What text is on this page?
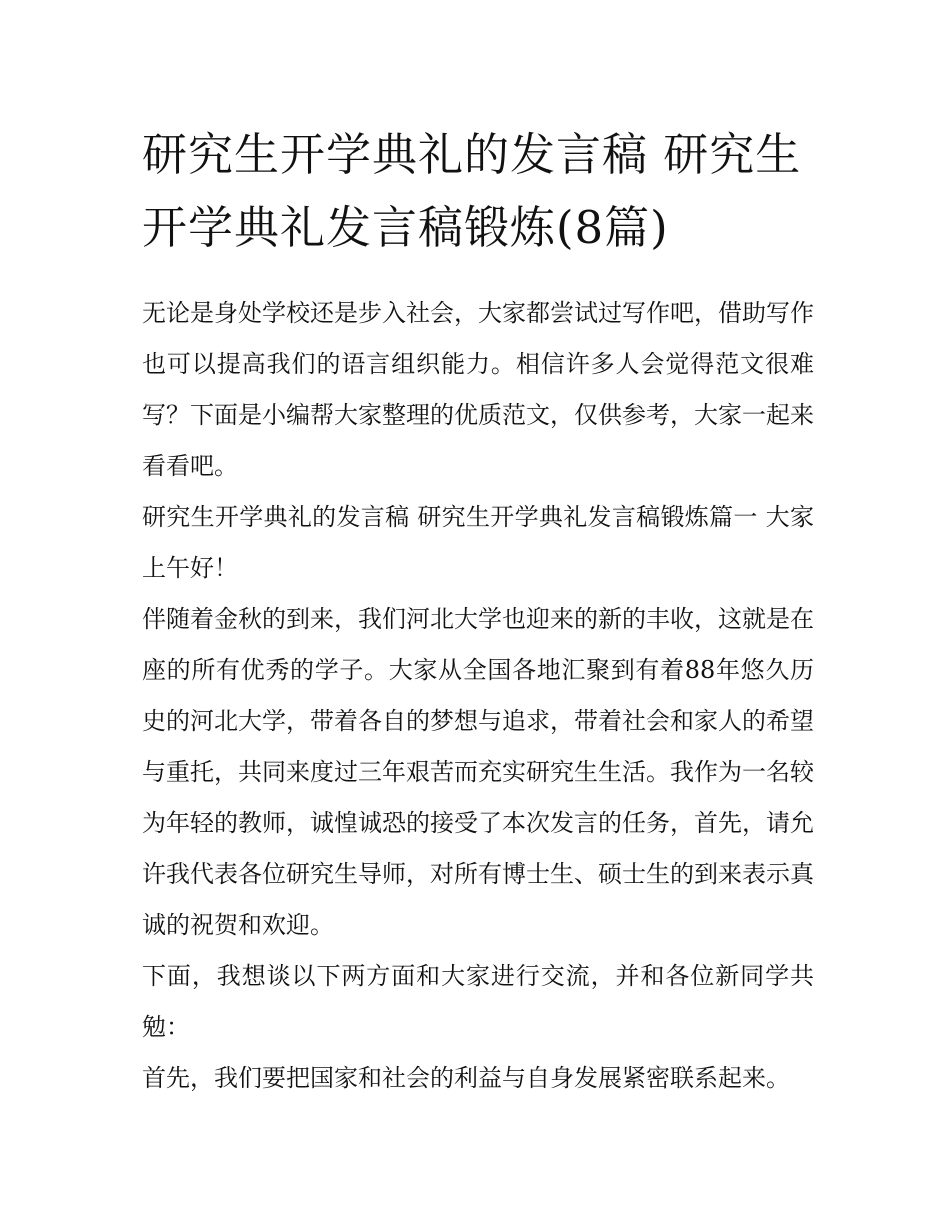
研究生开学典礼的发言稿 研究生开学典礼发言稿锻炼(8篇)

无论是身处学校还是步入社会，大家都尝试过写作吧，借助写作也可以提高我们的语言组织能力。相信许多人会觉得范文很难写？下面是小编帮大家整理的优质范文，仅供参考，大家一起来看看吧。

研究生开学典礼的发言稿 研究生开学典礼发言稿锻炼篇一 大家上午好！

伴随着金秋的到来，我们河北大学也迎来的新的丰收，这就是在座的所有优秀的学子。大家从全国各地汇聚到有着88年悠久历史的河北大学，带着各自的梦想与追求，带着社会和家人的希望与重托，共同来度过三年艰苦而充实研究生生活。我作为一名较为年轻的教师，诚惶诚恐的接受了本次发言的任务，首先，请允许我代表各位研究生导师，对所有博士生、硕士生的到来表示真诚的祝贺和欢迎。

下面，我想谈以下两方面和大家进行交流，并和各位新同学共勉：

首先，我们要把国家和社会的利益与自身发展紧密联系起来。
